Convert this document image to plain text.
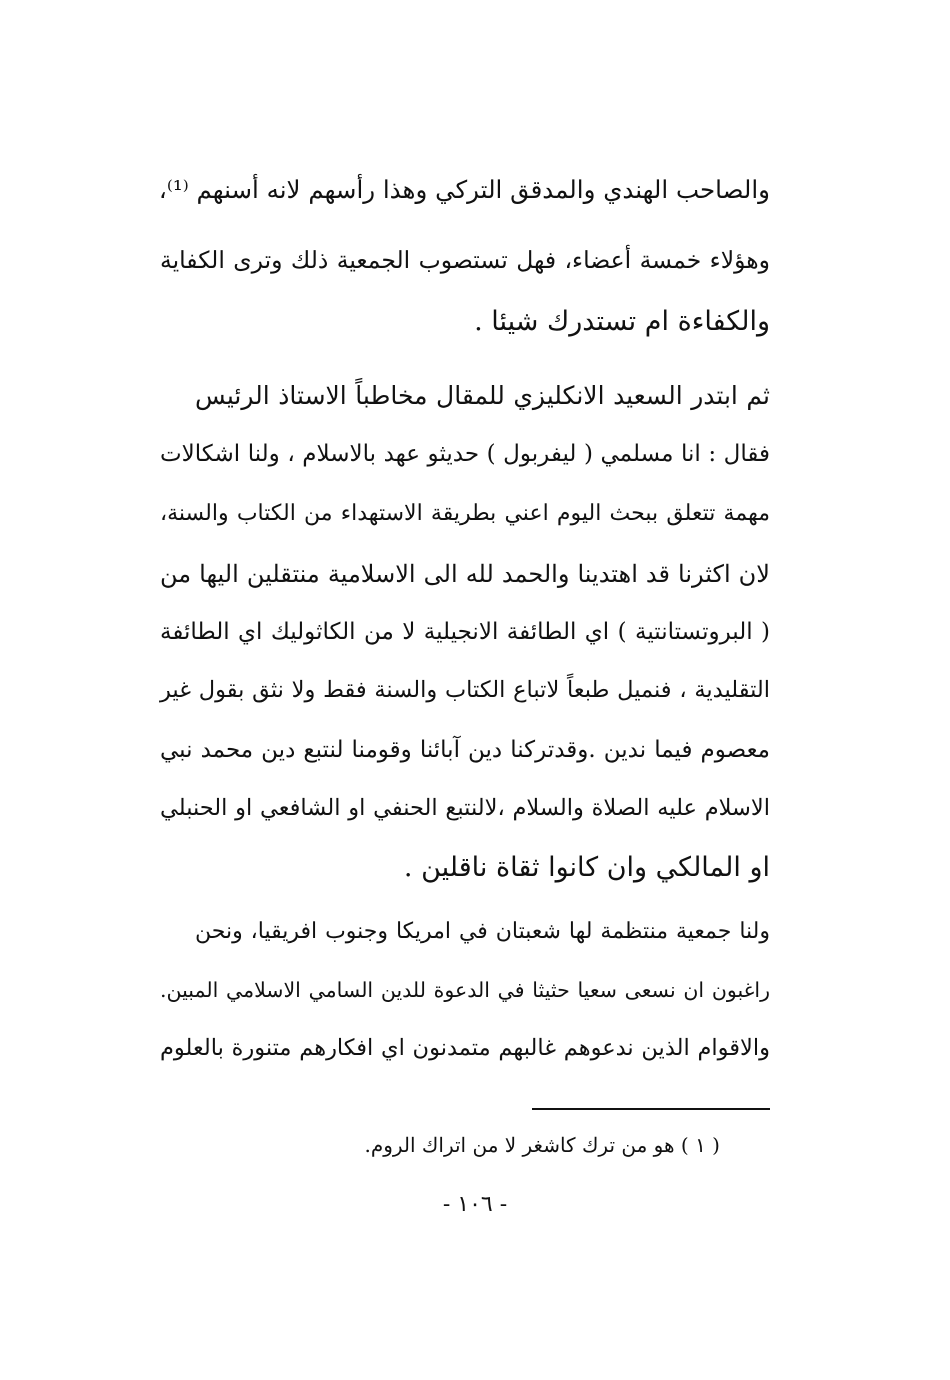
والصاحب الهندي والمدقق التركي وهذا رأسهم لانه أسنهم ⁽¹⁾،
وهؤلاء خمسة أعضاء، فهل تستصوب الجمعية ذلك وترى الكفاية
والكفاءة ام تستدرك شيئا .
ثم ابتدر السعيد الانكليزي للمقال مخاطباً الاستاذ الرئيس
فقال : انا مسلمي ( ليفربول ) حديثو عهد بالاسلام ، ولنا اشكالات
مهمة تتعلق ببحث اليوم اعني بطريقة الاستهداء من الكتاب والسنة،
لان اكثرنا قد اهتدينا والحمد لله الى الاسلامية منتقلين اليها من
( البروتستانتية ) اي الطائفة الانجيلية لا من الكاثوليك اي الطائفة
التقليدية ، فنميل طبعاً لاتباع الكتاب والسنة فقط ولا نثق بقول غير
معصوم فيما ندين .وقدتركنا دين آبائنا وقومنا لنتبع دين محمد نبي
الاسلام عليه الصلاة والسلام ،لالنتبع الحنفي او الشافعي او الحنبلي
او المالكي وان كانوا ثقاة ناقلين .
ولنا جمعية منتظمة لها شعبتان في امريكا وجنوب افريقيا، ونحن
راغبون ان نسعى سعيا حثيثا في الدعوة للدين السامي الاسلامي المبين.
والاقوام الذين ندعوهم غالبهم متمدنون اي افكارهم متنورة بالعلوم
( ١ ) هو من ترك كاشغر لا من اتراك الروم.
- ١٠٦ -
